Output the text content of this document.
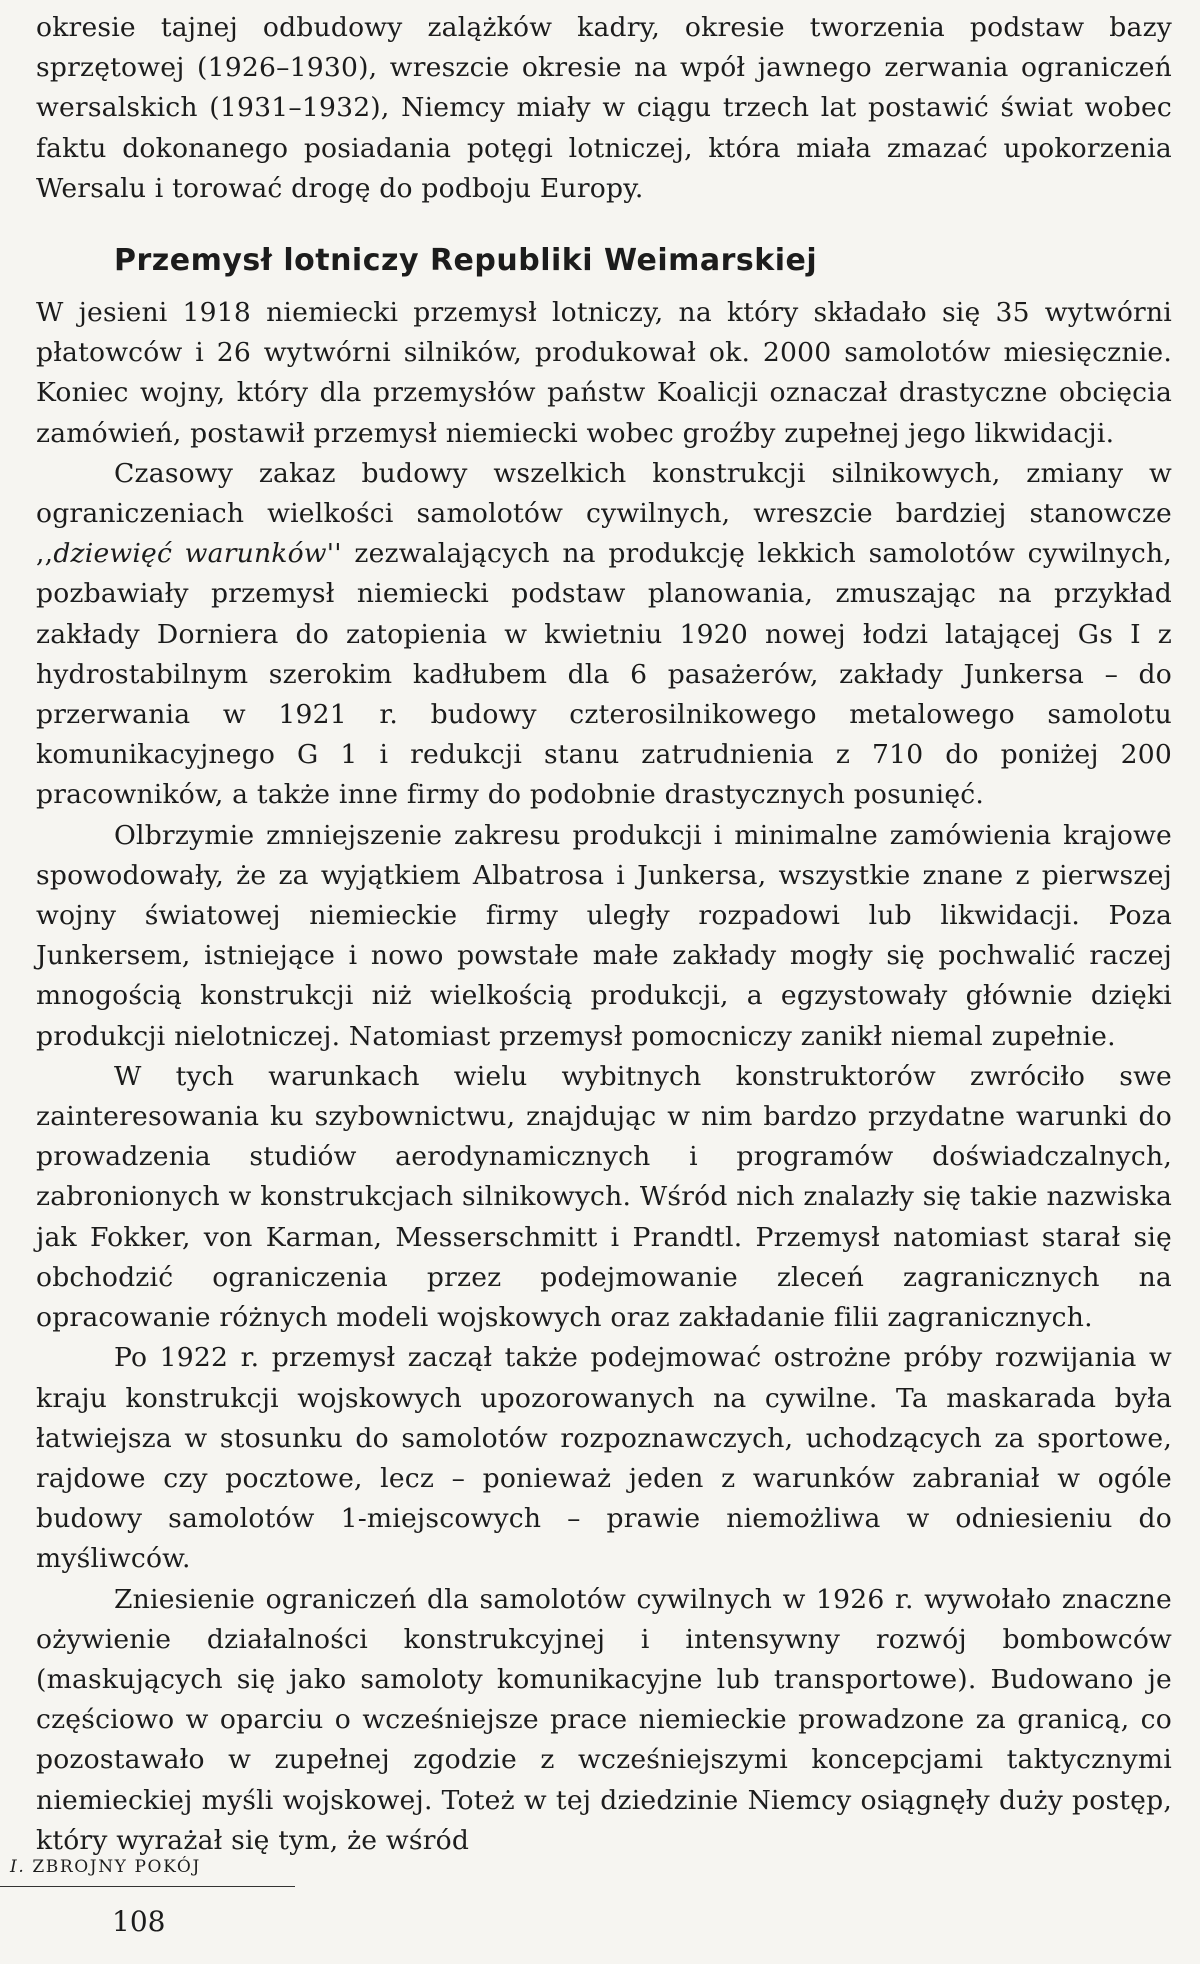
okresie tajnej odbudowy zalążków kadry, okresie tworzenia podstaw bazy sprzętowej (1926–1930), wreszcie okresie na wpół jawnego zerwania ograniczeń wersalskich (1931–1932), Niemcy miały w ciągu trzech lat postawić świat wobec faktu dokonanego posiadania potęgi lotniczej, która miała zmazać upokorzenia Wersalu i torować drogę do podboju Europy.

Przemysł lotniczy Republiki Weimarskiej

W jesieni 1918 niemiecki przemysł lotniczy, na który składało się 35 wytwórni płatowców i 26 wytwórni silników, produkował ok. 2000 samolotów miesięcznie. Koniec wojny, który dla przemysłów państw Koalicji oznaczał drastyczne obcięcia zamówień, postawił przemysł niemiecki wobec groźby zupełnej jego likwidacji.

Czasowy zakaz budowy wszelkich konstrukcji silnikowych, zmiany w ograniczeniach wielkości samolotów cywilnych, wreszcie bardziej stanowcze ,,dziewięć warunków'' zezwalających na produkcję lekkich samolotów cywilnych, pozbawiały przemysł niemiecki podstaw planowania, zmuszając na przykład zakłady Dorniera do zatopienia w kwietniu 1920 nowej łodzi latającej Gs I z hydrostabilnym szerokim kadłubem dla 6 pasażerów, zakłady Junkersa – do przerwania w 1921 r. budowy czterosilnikowego metalowego samolotu komunikacyjnego G 1 i redukcji stanu zatrudnienia z 710 do poniżej 200 pracowników, a także inne firmy do podobnie drastycznych posunięć.

Olbrzymie zmniejszenie zakresu produkcji i minimalne zamówienia krajowe spowodowały, że za wyjątkiem Albatrosa i Junkersa, wszystkie znane z pierwszej wojny światowej niemieckie firmy uległy rozpadowi lub likwidacji. Poza Junkersem, istniejące i nowo powstałe małe zakłady mogły się pochwalić raczej mnogością konstrukcji niż wielkością produkcji, a egzystowały głównie dzięki produkcji nielotniczej. Natomiast przemysł pomocniczy zanikł niemal zupełnie.

W tych warunkach wielu wybitnych konstruktorów zwróciło swe zainteresowania ku szybownictwu, znajdując w nim bardzo przydatne warunki do prowadzenia studiów aerodynamicznych i programów doświadczalnych, zabronionych w konstrukcjach silnikowych. Wśród nich znalazły się takie nazwiska jak Fokker, von Karman, Messerschmitt i Prandtl. Przemysł natomiast starał się obchodzić ograniczenia przez podejmowanie zleceń zagranicznych na opracowanie różnych modeli wojskowych oraz zakładanie filii zagranicznych.

Po 1922 r. przemysł zaczął także podejmować ostrożne próby rozwijania w kraju konstrukcji wojskowych upozorowanych na cywilne. Ta maskarada była łatwiejsza w stosunku do samolotów rozpoznawczych, uchodzących za sportowe, rajdowe czy pocztowe, lecz – ponieważ jeden z warunków zabraniał w ogóle budowy samolotów 1-miejscowych – prawie niemożliwa w odniesieniu do myśliwców.

Zniesienie ograniczeń dla samolotów cywilnych w 1926 r. wywołało znaczne ożywienie działalności konstrukcyjnej i intensywny rozwój bombowców (maskujących się jako samoloty komunikacyjne lub transportowe). Budowano je częściowo w oparciu o wcześniejsze prace niemieckie prowadzone za granicą, co pozostawało w zupełnej zgodzie z wcześniejszymi koncepcjami taktycznymi niemieckiej myśli wojskowej. Toteż w tej dziedzinie Niemcy osiągnęły duży postęp, który wyrażał się tym, że wśród

I. ZBROJNY POKÓJ
108
